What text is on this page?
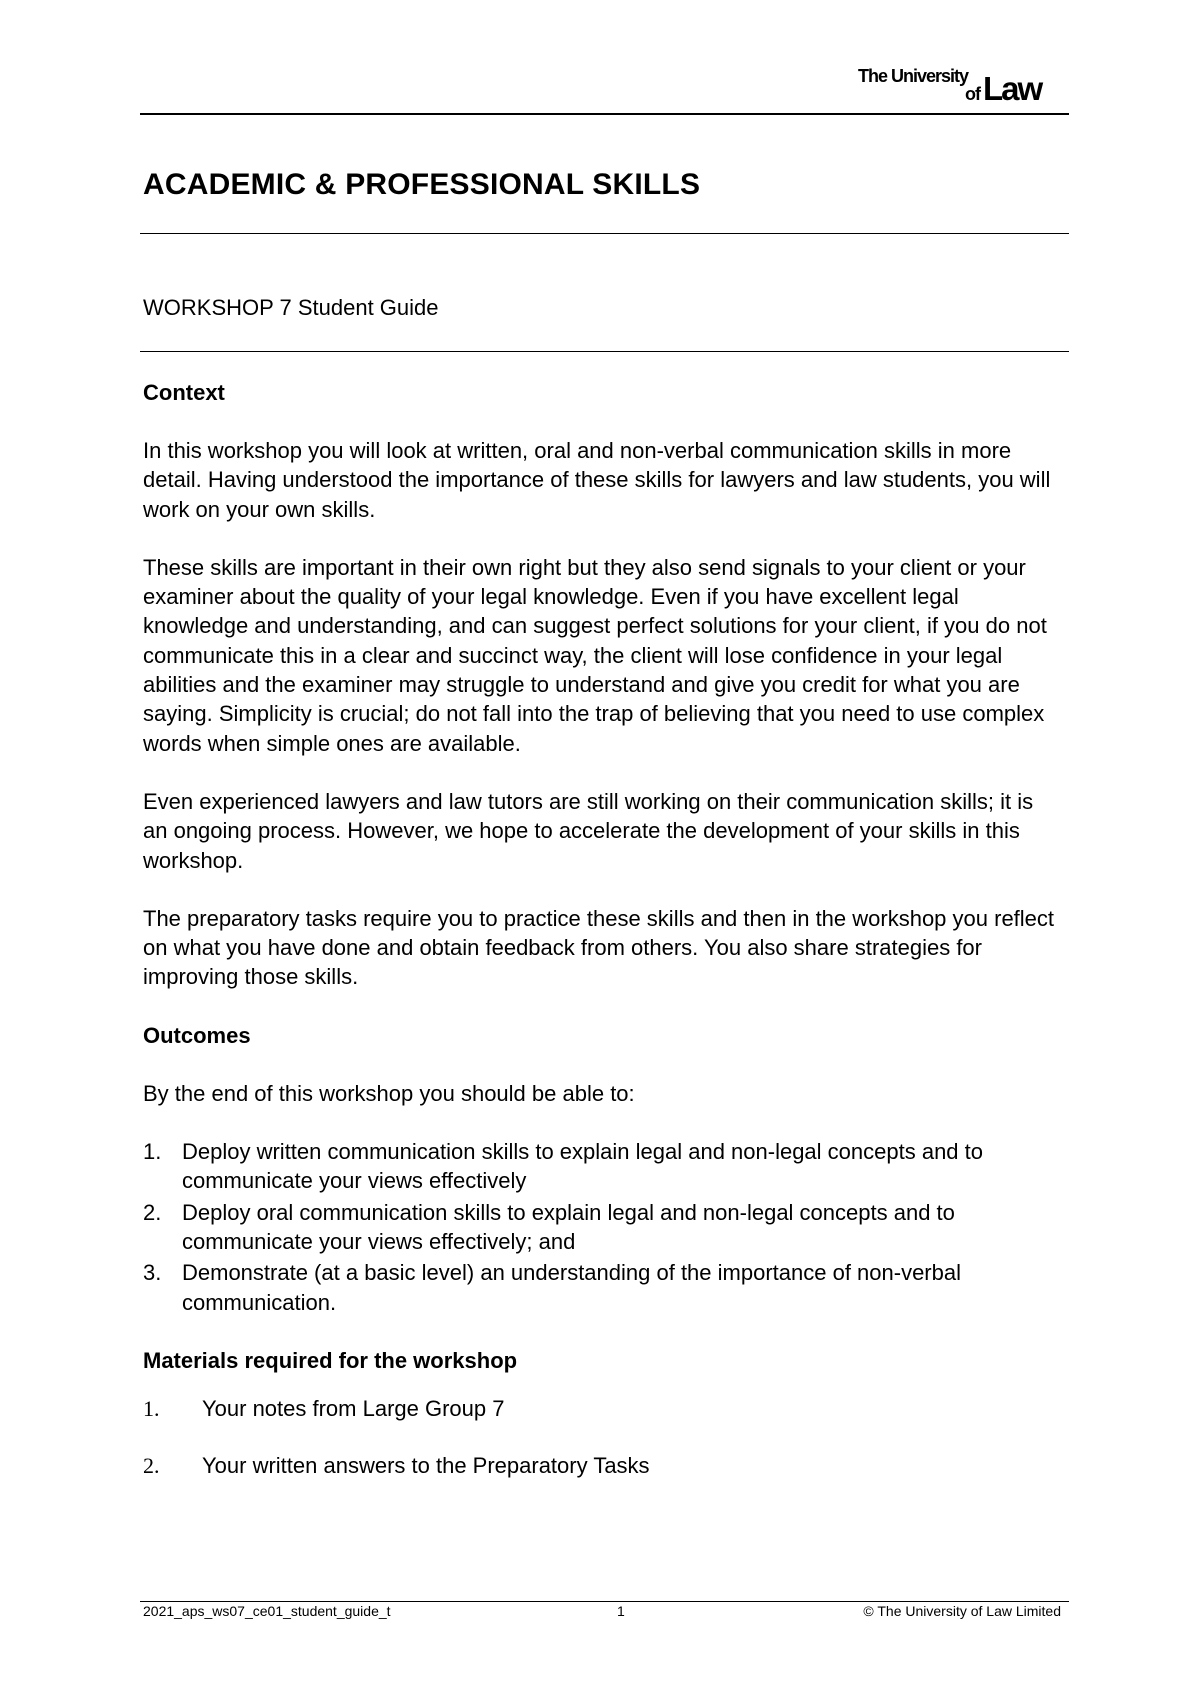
The University
of Law
ACADEMIC & PROFESSIONAL SKILLS
WORKSHOP 7 Student Guide
Context

In this workshop you will look at written, oral and non-verbal communication skills in more detail. Having understood the importance of these skills for lawyers and law students, you will work on your own skills.

These skills are important in their own right but they also send signals to your client or your examiner about the quality of your legal knowledge. Even if you have excellent legal knowledge and understanding, and can suggest perfect solutions for your client, if you do not communicate this in a clear and succinct way, the client will lose confidence in your legal abilities and the examiner may struggle to understand and give you credit for what you are saying. Simplicity is crucial; do not fall into the trap of believing that you need to use complex words when simple ones are available.

Even experienced lawyers and law tutors are still working on their communication skills; it is an ongoing process. However, we hope to accelerate the development of your skills in this workshop.

The preparatory tasks require you to practice these skills and then in the workshop you reflect on what you have done and obtain feedback from others. You also share strategies for improving those skills.

Outcomes

By the end of this workshop you should be able to:

1. Deploy written communication skills to explain legal and non-legal concepts and to communicate your views effectively
2. Deploy oral communication skills to explain legal and non-legal concepts and to communicate your views effectively; and
3. Demonstrate (at a basic level) an understanding of the importance of non-verbal communication.
Materials required for the workshop
1. Your notes from Large Group 7
2. Your written answers to the Preparatory Tasks
2021_aps_ws07_ce01_student_guide_t	1	© The University of Law Limited
